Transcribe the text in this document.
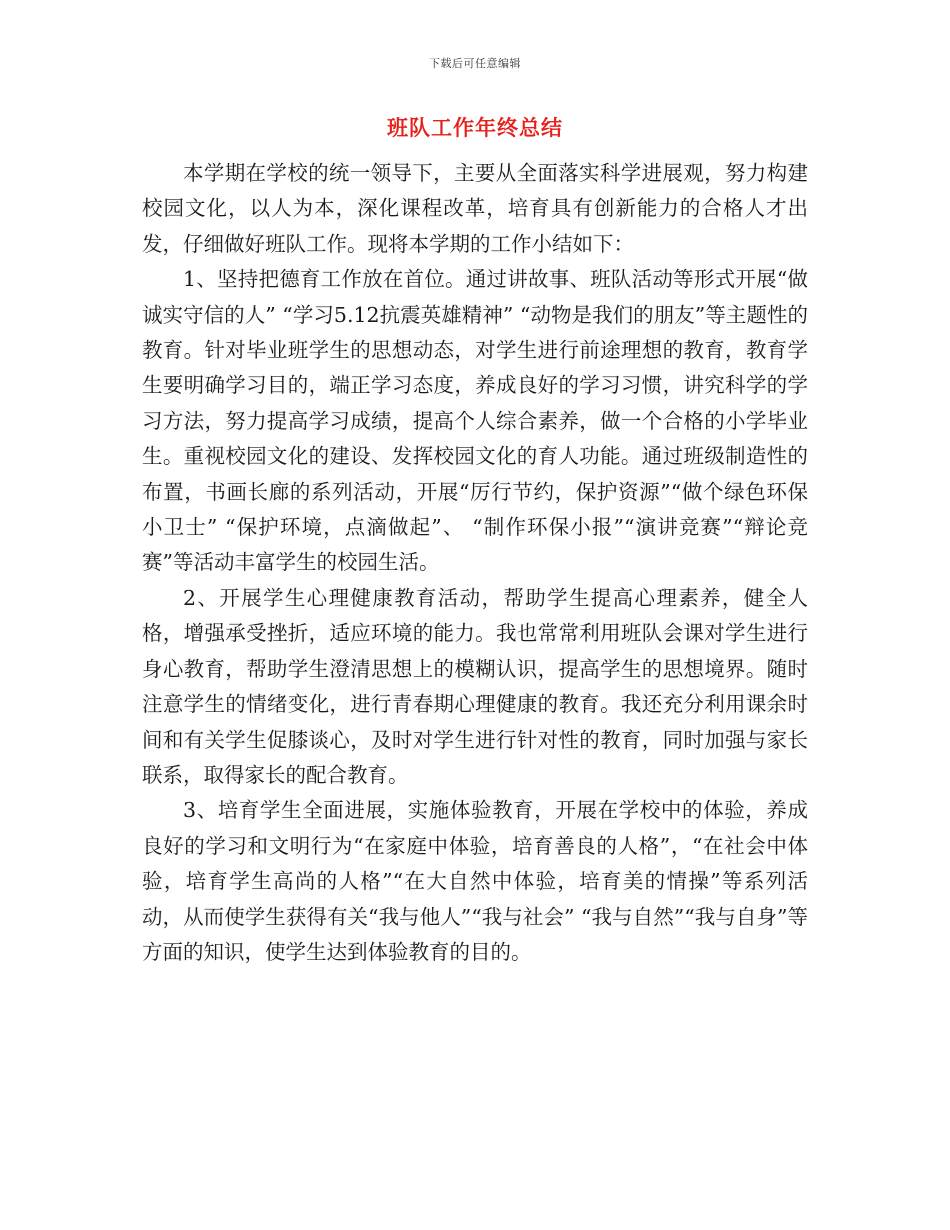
下载后可任意编辑
班队工作年终总结

本学期在学校的统一领导下，主要从全面落实科学进展观，努力构建校园文化，以人为本，深化课程改革，培育具有创新能力的合格人才出发，仔细做好班队工作。现将本学期的工作小结如下：

1、坚持把德育工作放在首位。通过讲故事、班队活动等形式开展“做诚实守信的人” “学习5.12抗震英雄精神” “动物是我们的朋友”等主题性的教育。针对毕业班学生的思想动态，对学生进行前途理想的教育，教育学生要明确学习目的，端正学习态度，养成良好的学习习惯，讲究科学的学习方法，努力提高学习成绩，提高个人综合素养，做一个合格的小学毕业生。重视校园文化的建设、发挥校园文化的育人功能。通过班级制造性的布置，书画长廊的系列活动，开展“厉行节约，保护资源”“做个绿色环保小卫士” “保护环境，点滴做起”、 “制作环保小报”“演讲竞赛”“辩论竞赛”等活动丰富学生的校园生活。

2、开展学生心理健康教育活动，帮助学生提高心理素养，健全人格，增强承受挫折，适应环境的能力。我也常常利用班队会课对学生进行身心教育，帮助学生澄清思想上的模糊认识，提高学生的思想境界。随时注意学生的情绪变化，进行青春期心理健康的教育。我还充分利用课余时间和有关学生促膝谈心，及时对学生进行针对性的教育，同时加强与家长联系，取得家长的配合教育。

3、培育学生全面进展，实施体验教育，开展在学校中的体验，养成良好的学习和文明行为“在家庭中体验，培育善良的人格”，“在社会中体验，培育学生高尚的人格”“在大自然中体验，培育美的情操”等系列活动，从而使学生获得有关“我与他人”“我与社会” “我与自然”“我与自身”等方面的知识，使学生达到体验教育的目的。
